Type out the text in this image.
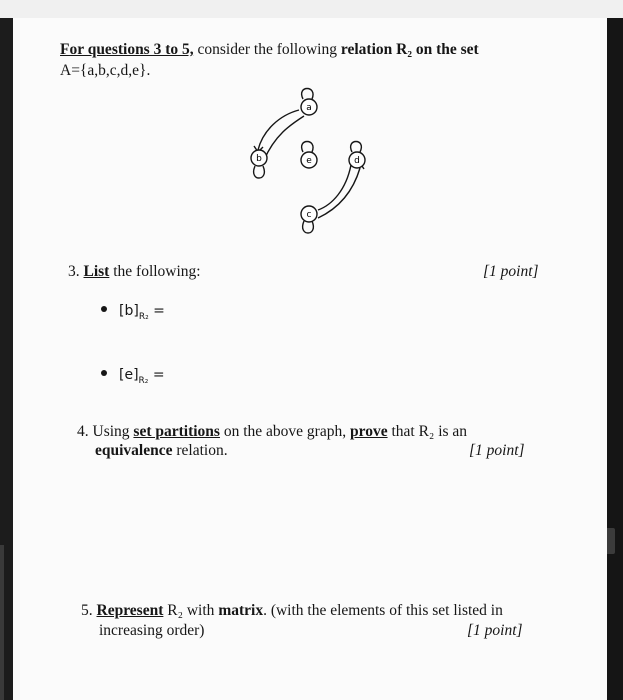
For questions 3 to 5, consider the following relation R₂ on the set
A={a,b,c,d,e}.
a
b	e	d
c
3. List the following:	[1 point]
$[b]_{R_2}$ =
$[e]_{R_2}$ =
4. Using set partitions on the above graph, prove that R₂ is an
equivalence relation.	[1 point]
5. Represent R₂ with matrix. (with the elements of this set listed in
increasing order)	[1 point]
